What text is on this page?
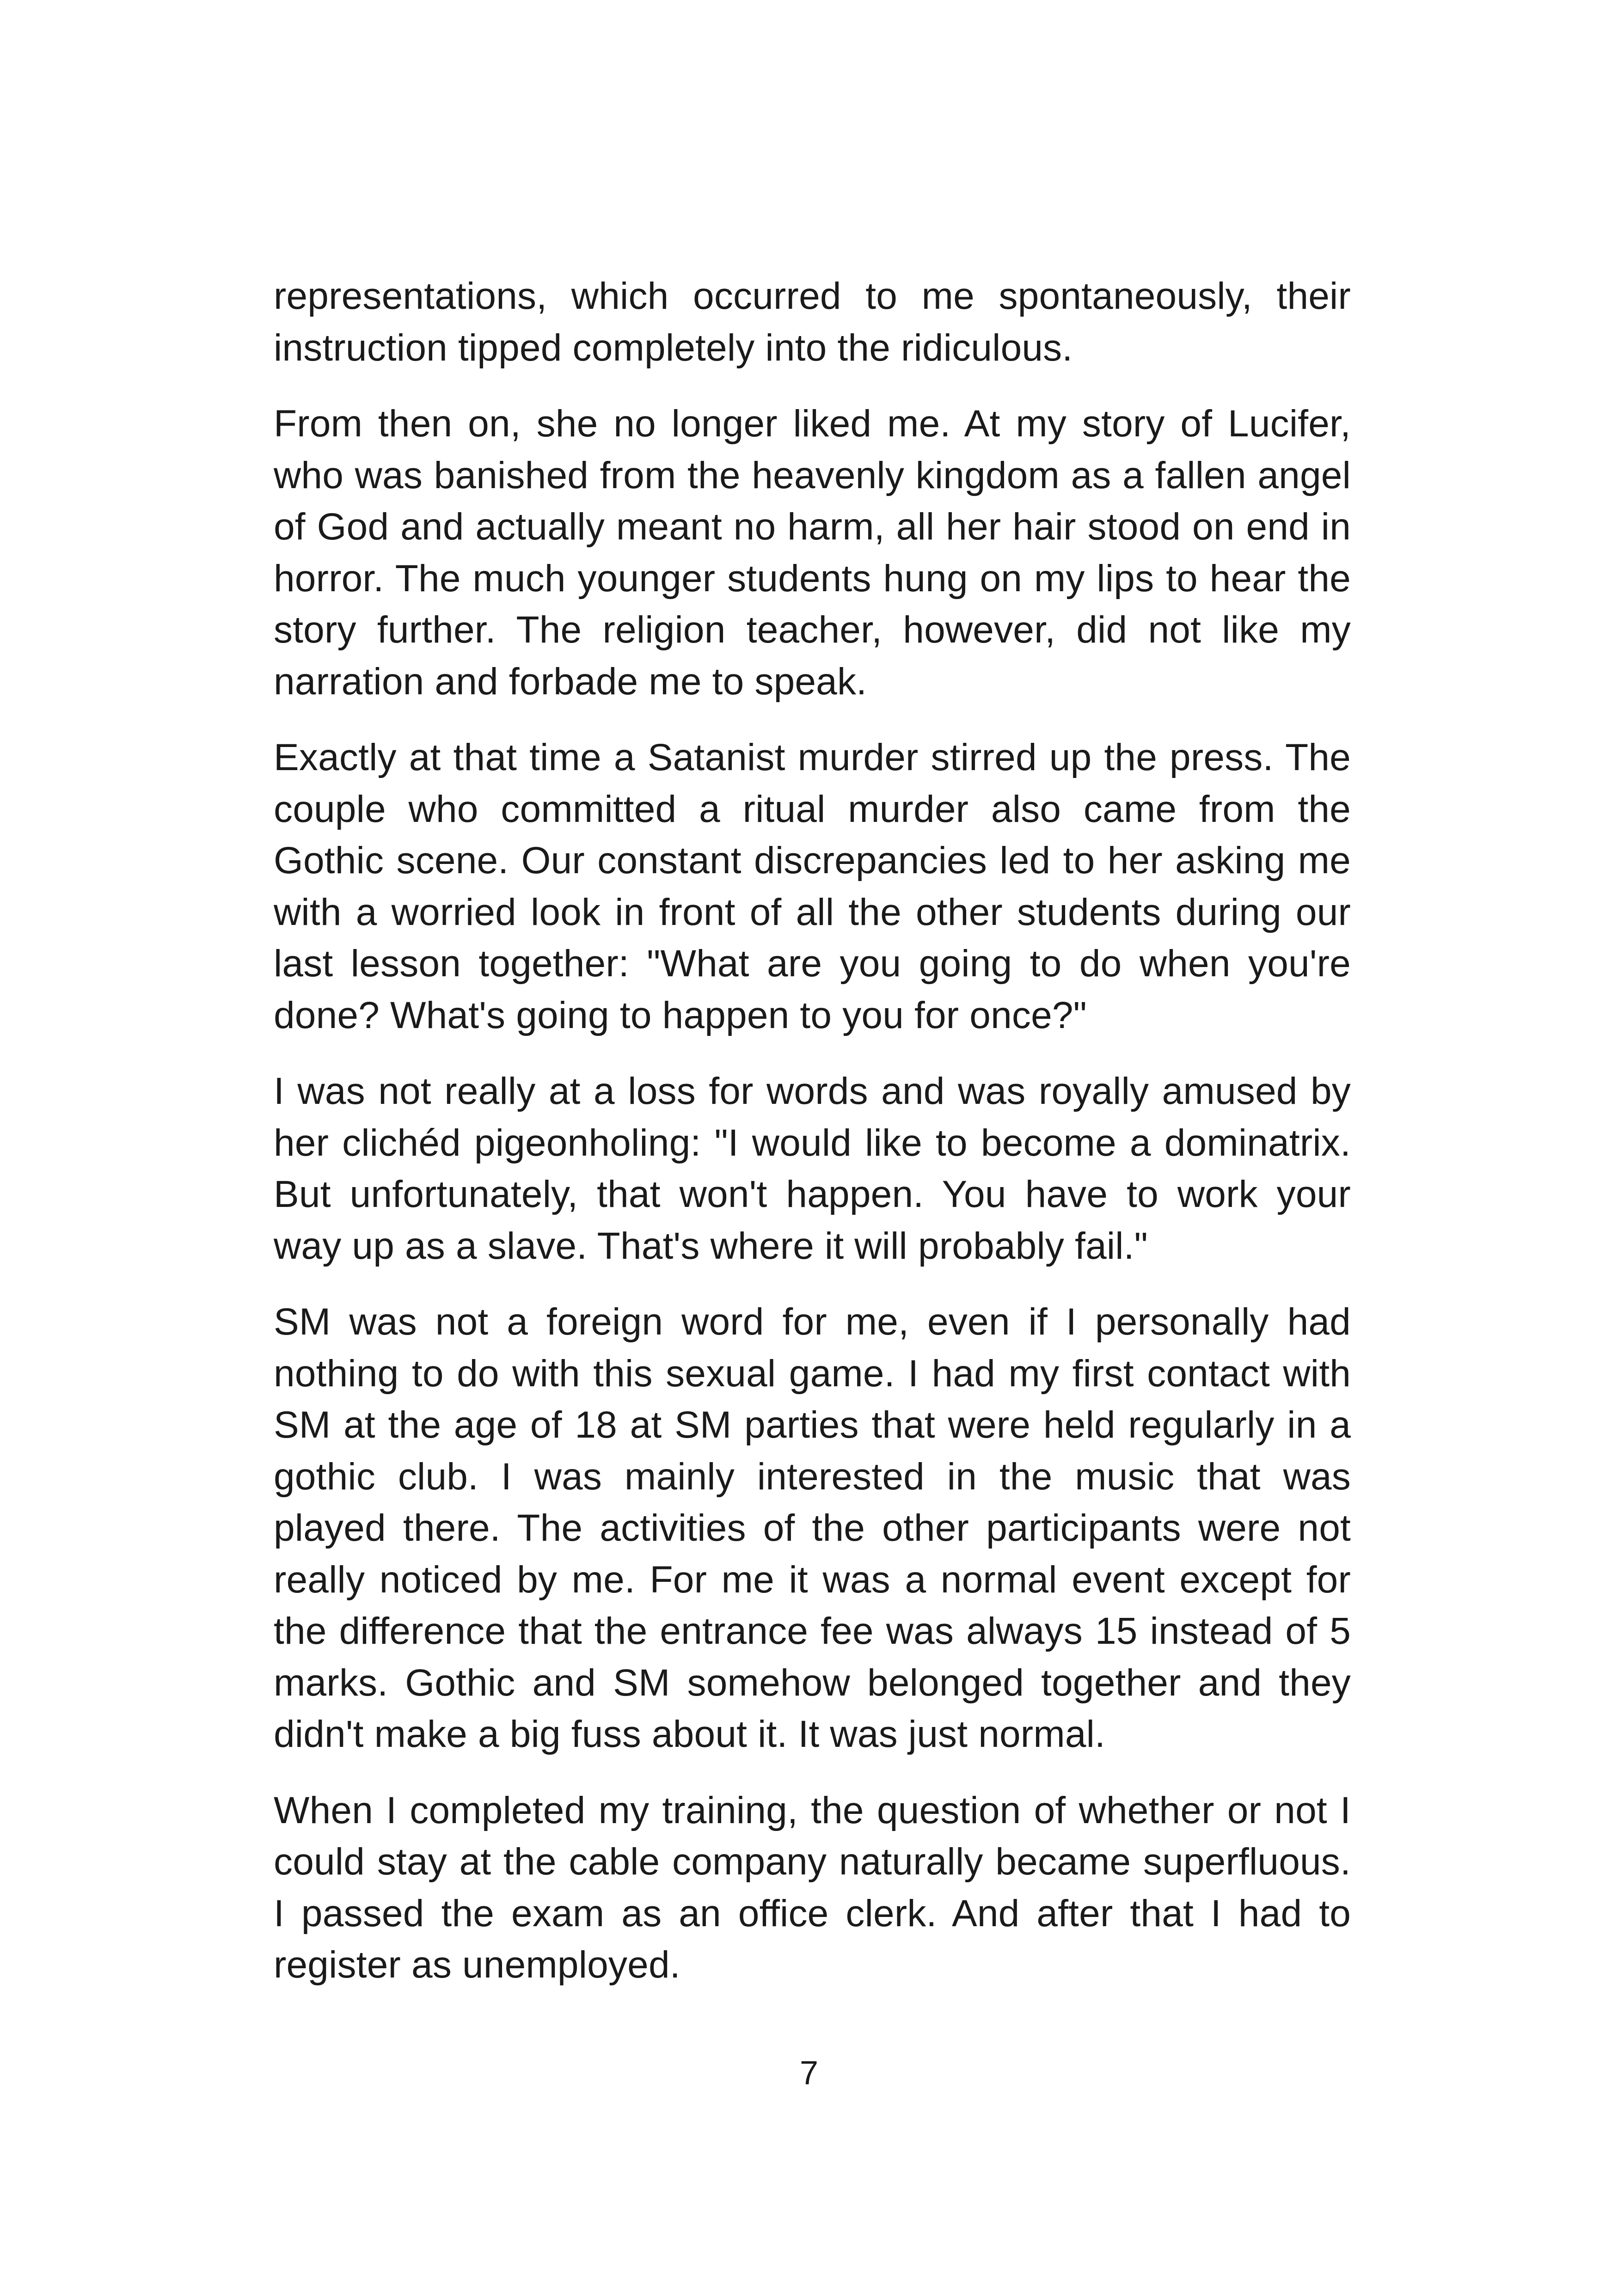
representations, which occurred to me spontaneously, their instruction tipped completely into the ridiculous.

From then on, she no longer liked me. At my story of Lucifer, who was banished from the heavenly kingdom as a fallen angel of God and actually meant no harm, all her hair stood on end in horror. The much younger students hung on my lips to hear the story further. The religion teacher, however, did not like my narration and forbade me to speak.

Exactly at that time a Satanist murder stirred up the press. The couple who committed a ritual murder also came from the Gothic scene. Our constant discrepancies led to her asking me with a worried look in front of all the other students during our last lesson together: "What are you going to do when you're done? What's going to happen to you for once?"

I was not really at a loss for words and was royally amused by her clichéd pigeonholing: "I would like to become a dominatrix. But unfortunately, that won't happen. You have to work your way up as a slave. That's where it will probably fail."

SM was not a foreign word for me, even if I personally had nothing to do with this sexual game. I had my first contact with SM at the age of 18 at SM parties that were held regularly in a gothic club. I was mainly interested in the music that was played there. The activities of the other participants were not really noticed by me. For me it was a normal event except for the difference that the entrance fee was always 15 instead of 5 marks. Gothic and SM somehow belonged together and they didn't make a big fuss about it. It was just normal.

When I completed my training, the question of whether or not I could stay at the cable company naturally became superfluous. I passed the exam as an office clerk. And after that I had to register as unemployed.

7
